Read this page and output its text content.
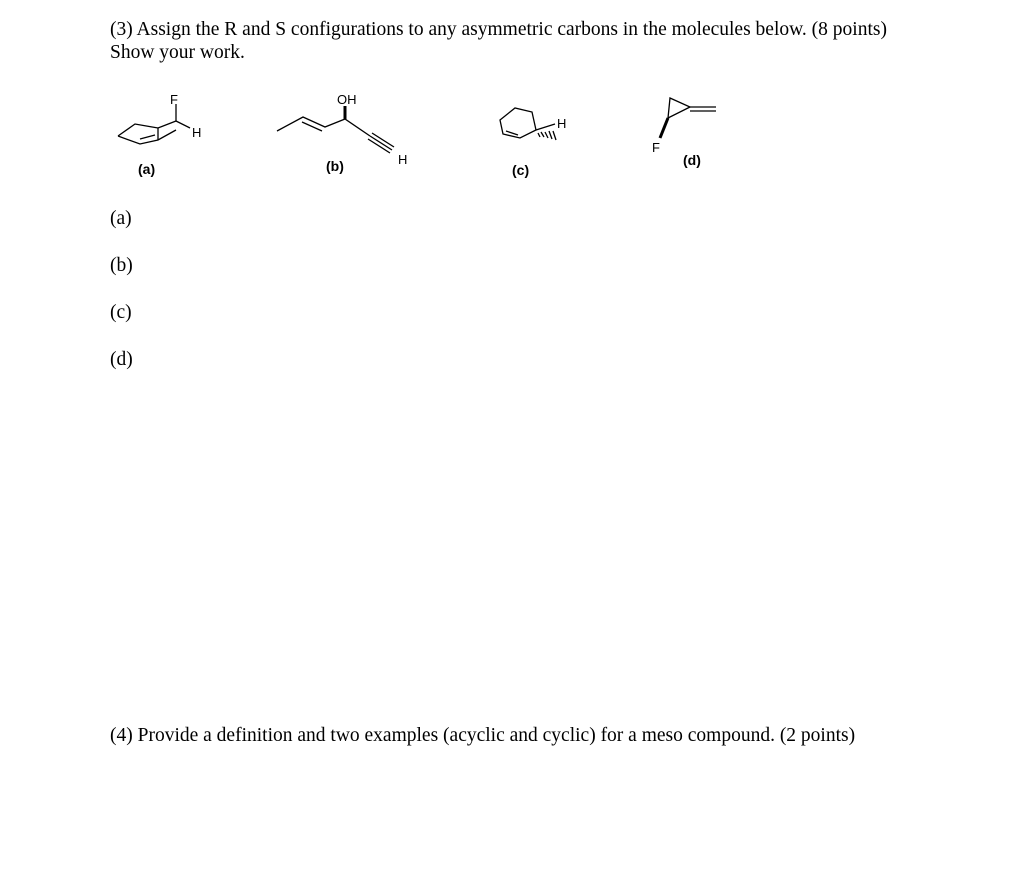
(3) Assign the R and S configurations to any asymmetric carbons in the molecules below. (8 points) Show your work.

F
H
(a)
OH
H
(b)
H
(c)
F
(d)

(a)

(b)

(c)

(d)

(4) Provide a definition and two examples (acyclic and cyclic) for a meso compound. (2 points)
